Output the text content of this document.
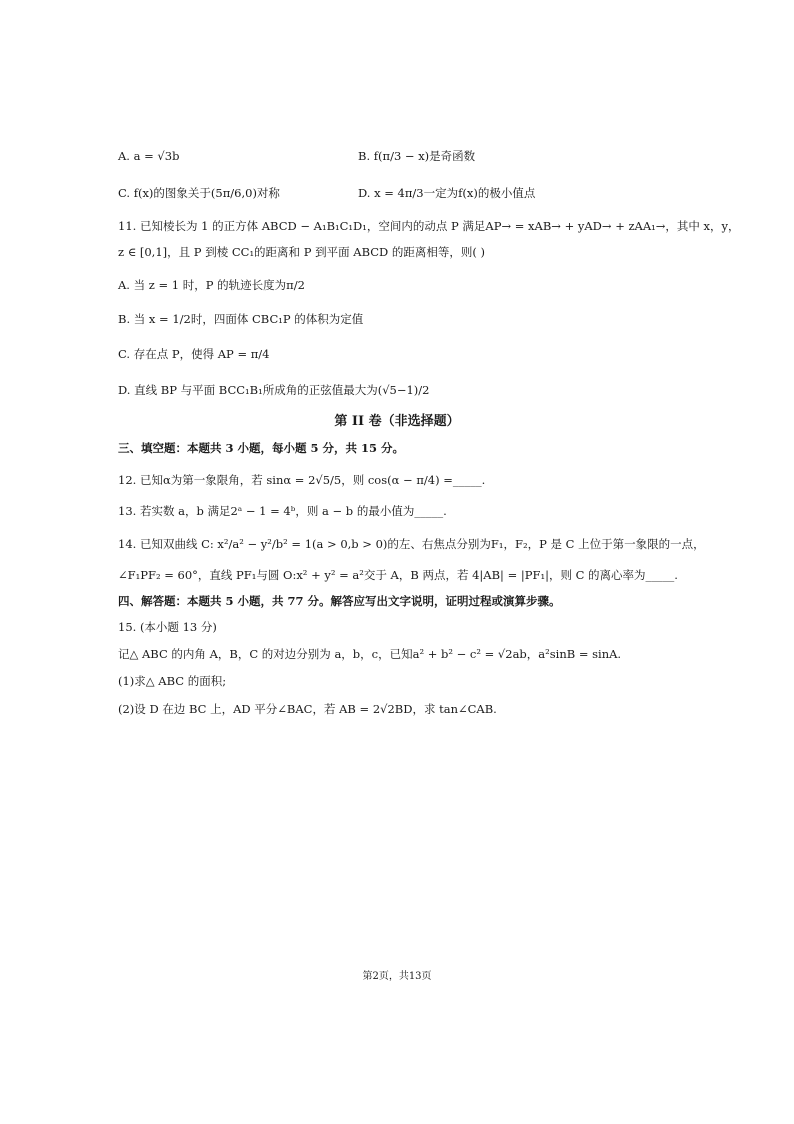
A. a = √3b	B. f(π/3 − x)是奇函数
C. f(x)的图象关于(5π/6,0)对称	D. x = 4π/3一定为f(x)的极小值点
11. 已知棱长为 1 的正方体 ABCD − A₁B₁C₁D₁，空间内的动点 P 满足AP→ = xAB→ + yAD→ + zAA₁→，其中 x，y，
z ∈ [0,1]，且 P 到棱 CC₁的距离和 P 到平面 ABCD 的距离相等，则( )
A. 当 z = 1 时，P 的轨迹长度为π/2
B. 当 x = 1/2时，四面体 CBC₁P 的体积为定值
C. 存在点 P，使得 AP = π/4
D. 直线 BP 与平面 BCC₁B₁所成角的正弦值最大为(√5−1)/2
第 II 卷（非选择题）
三、填空题：本题共 3 小题，每小题 5 分，共 15 分。
12. 已知α为第一象限角，若 sinα = 2√5/5，则 cos(α − π/4) =_____.
13. 若实数 a，b 满足2ᵃ − 1 = 4ᵇ，则 a − b 的最小值为_____.
14. 已知双曲线 C: x²/a² − y²/b² = 1(a > 0,b > 0)的左、右焦点分别为F₁，F₂，P 是 C 上位于第一象限的一点，
∠F₁PF₂ = 60°，直线 PF₁与圆 O:x² + y² = a²交于 A，B 两点，若 4|AB| = |PF₁|，则 C 的离心率为_____.
四、解答题：本题共 5 小题，共 77 分。解答应写出文字说明，证明过程或演算步骤。
15. (本小题 13 分)
记△ ABC 的内角 A，B，C 的对边分别为 a，b，c，已知a² + b² − c² = √2ab，a²sinB = sinA.
(1)求△ ABC 的面积;
(2)设 D 在边 BC 上，AD 平分∠BAC，若 AB = 2√2BD，求 tan∠CAB.
第2页，共13页
